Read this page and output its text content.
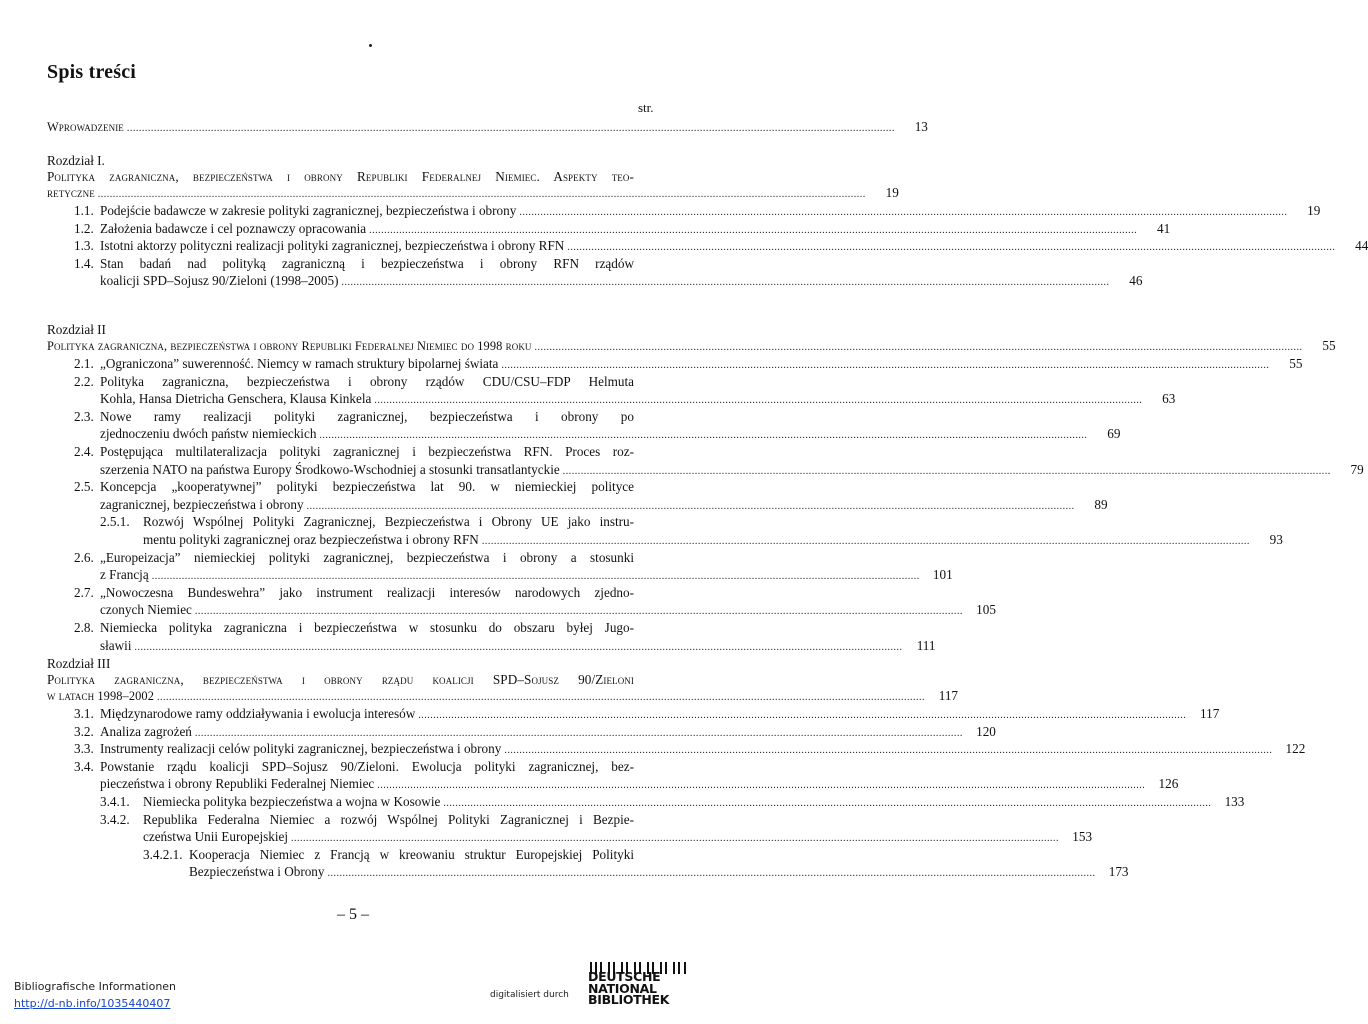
Spis treści
str.
Wprowadzenie .....	13
Rozdział I.
Polityka zagraniczna, bezpieczeństwa i obrony Republiki Federalnej Niemiec. Aspekty teo-
retyczne .....	19
1.1. Podejście badawcze w zakresie polityki zagranicznej, bezpieczeństwa i obrony .....	19
1.2. Założenia badawcze i cel poznawczy opracowania .....	41
1.3. Istotni aktorzy polityczni realizacji polityki zagranicznej, bezpieczeństwa i obrony RFN .....	44
1.4. Stan badań nad polityką zagraniczną i bezpieczeństwa i obrony RFN rządów
koalicji SPD–Sojusz 90/Zieloni (1998–2005) .....	46
Rozdział II
Polityka zagraniczna, bezpieczeństwa i obrony Republiki Federalnej Niemiec do 1998 roku .....	55
2.1. „Ograniczona” suwerenność. Niemcy w ramach struktury bipolarnej świata .....	55
2.2. Polityka zagraniczna, bezpieczeństwa i obrony rządów CDU/CSU–FDP Helmuta
Kohla, Hansa Dietricha Genschera, Klausa Kinkela .....	63
2.3. Nowe ramy realizacji polityki zagranicznej, bezpieczeństwa i obrony po
zjednoczeniu dwóch państw niemieckich .....	69
2.4. Postępująca multilateralizacja polityki zagranicznej i bezpieczeństwa RFN. Proces roz-
szerzenia NATO na państwa Europy Środkowo-Wschodniej a stosunki transatlantyckie .....	79
2.5. Koncepcja „kooperatywnej” polityki bezpieczeństwa lat 90. w niemieckiej polityce
zagranicznej, bezpieczeństwa i obrony .....	89
2.5.1. Rozwój Wspólnej Polityki Zagranicznej, Bezpieczeństwa i Obrony UE jako instru-
mentu polityki zagranicznej oraz bezpieczeństwa i obrony RFN .....	93
2.6. „Europeizacja” niemieckiej polityki zagranicznej, bezpieczeństwa i obrony a stosunki
z Francją .....	101
2.7. „Nowoczesna Bundeswehra” jako instrument realizacji interesów narodowych zjedno-
czonych Niemiec .....	105
2.8. Niemiecka polityka zagraniczna i bezpieczeństwa w stosunku do obszaru byłej Jugo-
sławii .....	111
Rozdział III
Polityka zagraniczna, bezpieczeństwa i obrony rządu koalicji SPD–Sojusz 90/Zieloni
w latach 1998–2002 .....	117
3.1. Międzynarodowe ramy oddziaływania i ewolucja interesów .....	117
3.2. Analiza zagrożeń .....	120
3.3. Instrumenty realizacji celów polityki zagranicznej, bezpieczeństwa i obrony .....	122
3.4. Powstanie rządu koalicji SPD–Sojusz 90/Zieloni. Ewolucja polityki zagranicznej, bez-
pieczeństwa i obrony Republiki Federalnej Niemiec .....	126
3.4.1.	Niemiecka polityka bezpieczeństwa a wojna w Kosowie .....	133
3.4.2. Republika Federalna Niemiec a rozwój Wspólnej Polityki Zagranicznej i Bezpie-
czeństwa Unii Europejskiej .....	153
3.4.2.1. Kooperacja Niemiec z Francją w kreowaniu struktur Europejskiej Polityki
Bezpieczeństwa i Obrony .....	173
– 5 –
Bibliografische Informationen
http://d-nb.info/1035440407
digitalisiert durch
DEUTSCHE
NATIONAL
BIBLIOTHEK
